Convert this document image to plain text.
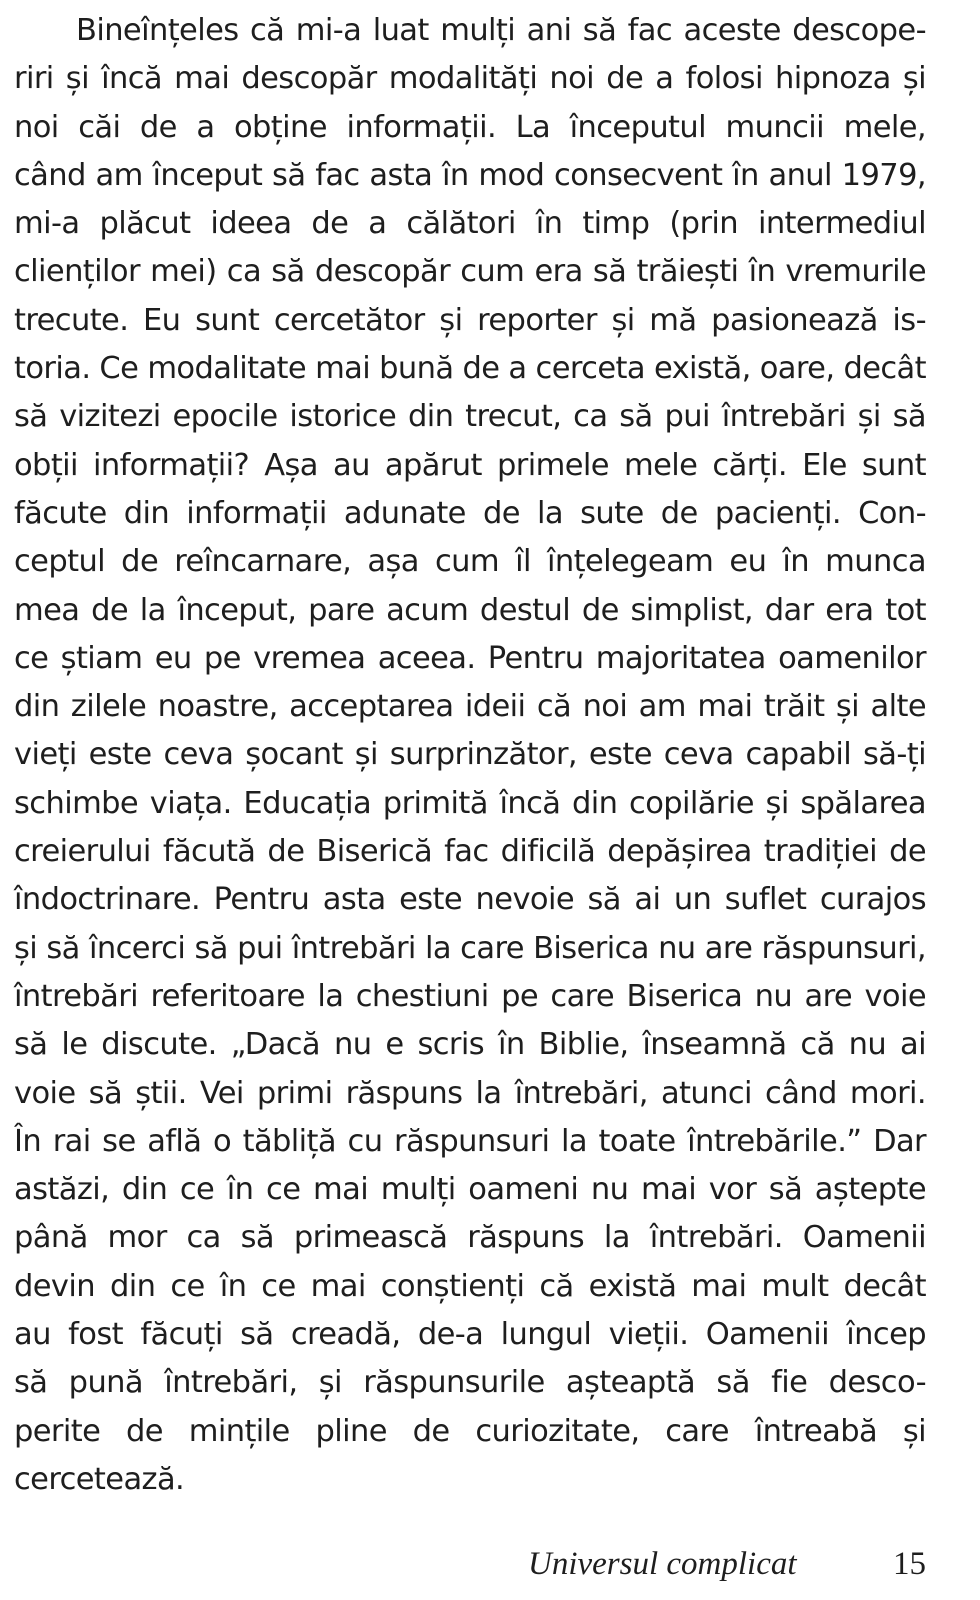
Bineînțeles că mi-a luat mulți ani să fac aceste descope-
riri și încă mai descopăr modalități noi de a folosi hipnoza și
noi căi de a obține informații. La începutul muncii mele,
când am început să fac asta în mod consecvent în anul 1979,
mi-a plăcut ideea de a călători în timp (prin intermediul
clienților mei) ca să descopăr cum era să trăiești în vremurile
trecute. Eu sunt cercetător și reporter și mă pasionează is-
toria. Ce modalitate mai bună de a cerceta există, oare, decât
să vizitezi epocile istorice din trecut, ca să pui întrebări și să
obții informații? Așa au apărut primele mele cărți. Ele sunt
făcute din informații adunate de la sute de pacienți. Con-
ceptul de reîncarnare, așa cum îl înțelegeam eu în munca
mea de la început, pare acum destul de simplist, dar era tot
ce știam eu pe vremea aceea. Pentru majoritatea oamenilor
din zilele noastre, acceptarea ideii că noi am mai trăit și alte
vieți este ceva șocant și surprinzător, este ceva capabil să-ți
schimbe viața. Educația primită încă din copilărie și spălarea
creierului făcută de Biserică fac dificilă depășirea tradiției de
îndoctrinare. Pentru asta este nevoie să ai un suflet curajos
și să încerci să pui întrebări la care Biserica nu are răspunsuri,
întrebări referitoare la chestiuni pe care Biserica nu are voie
să le discute. „Dacă nu e scris în Biblie, înseamnă că nu ai
voie să știi. Vei primi răspuns la întrebări, atunci când mori.
În rai se află o tăbliță cu răspunsuri la toate întrebările.” Dar
astăzi, din ce în ce mai mulți oameni nu mai vor să aștepte
până mor ca să primească răspuns la întrebări. Oamenii
devin din ce în ce mai conștienți că există mai mult decât
au fost făcuți să creadă, de-a lungul vieții. Oamenii încep
să pună întrebări, și răspunsurile așteaptă să fie desco-
perite de mințile pline de curiozitate, care întreabă și
cercetează.
Universul complicat	15
